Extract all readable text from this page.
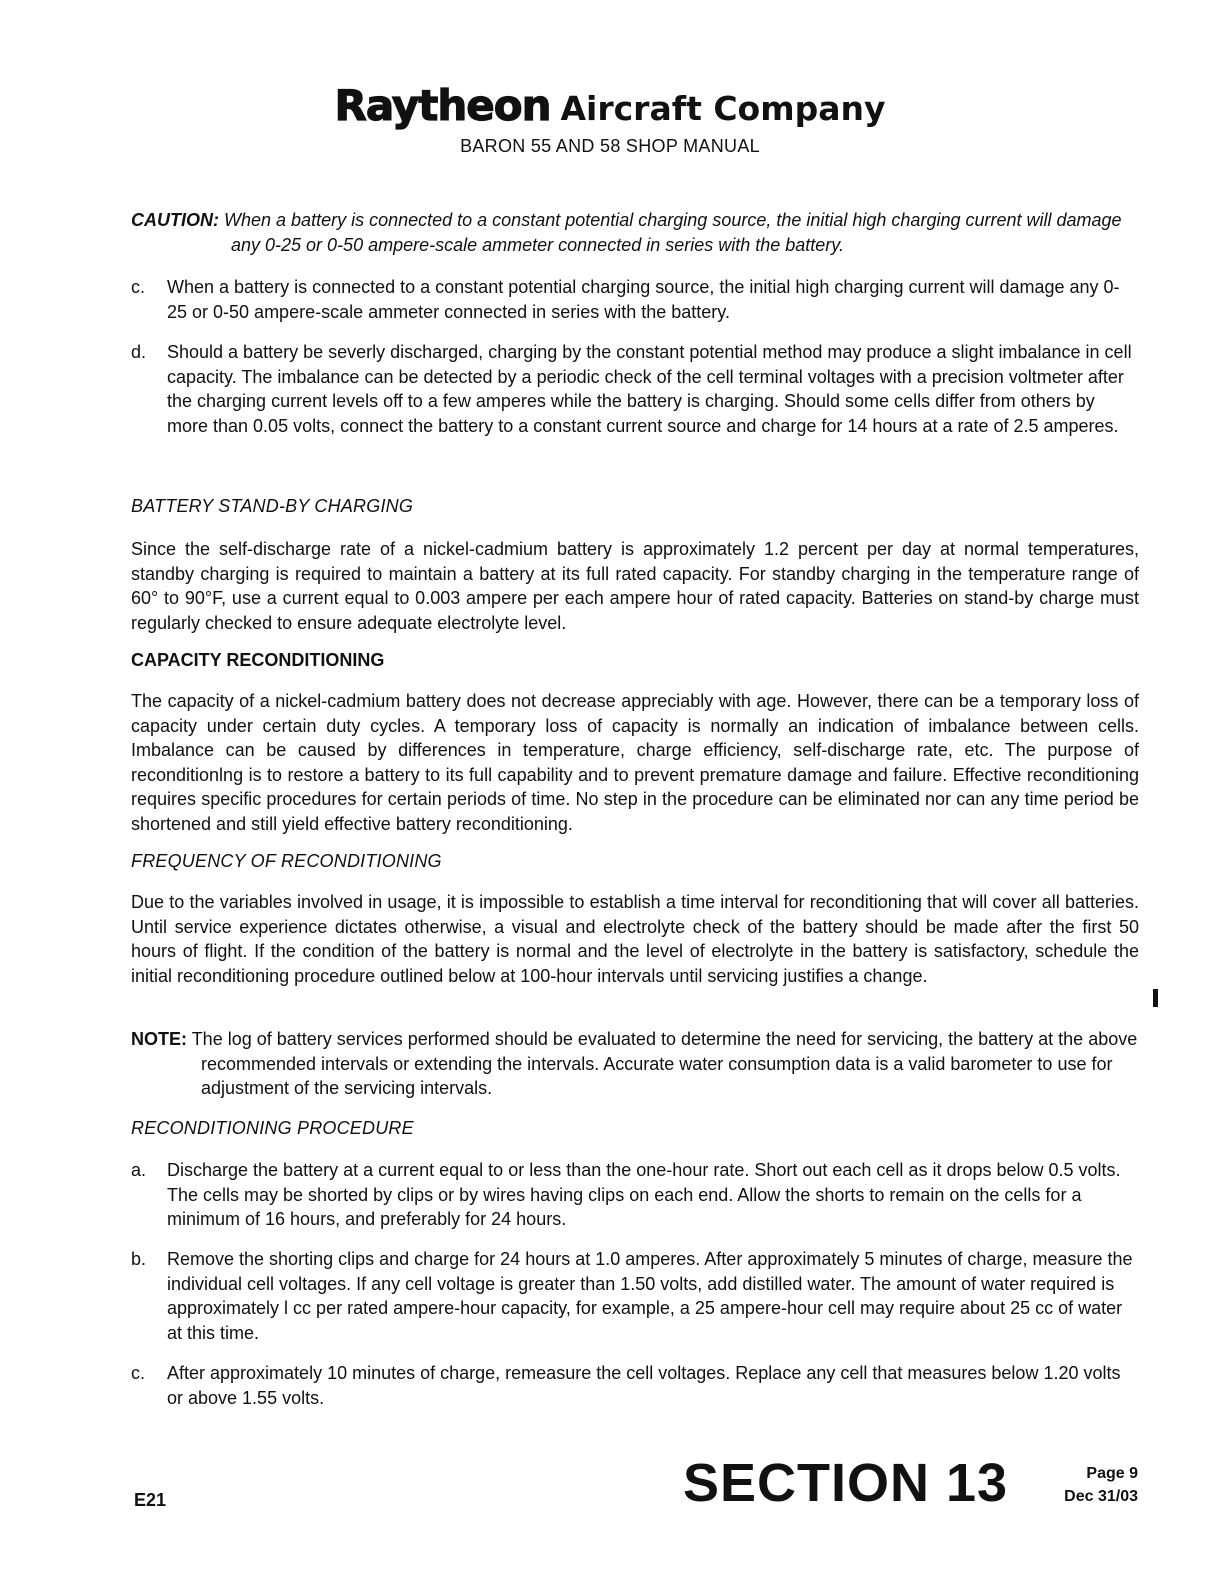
Raytheon Aircraft Company
BARON 55 AND 58 SHOP MANUAL
CAUTION: When a battery is connected to a constant potential charging source, the initial high charging current will damage any 0-25 or 0-50 ampere-scale ammeter connected in series with the battery.
c. When a battery is connected to a constant potential charging source, the initial high charging current will damage any 0-25 or 0-50 ampere-scale ammeter connected in series with the battery.
d. Should a battery be severly discharged, charging by the constant potential method may produce a slight imbalance in cell capacity. The imbalance can be detected by a periodic check of the cell terminal voltages with a precision voltmeter after the charging current levels off to a few amperes while the battery is charging. Should some cells differ from others by more than 0.05 volts, connect the battery to a constant current source and charge for 14 hours at a rate of 2.5 amperes.
BATTERY STAND-BY CHARGING

Since the self-discharge rate of a nickel-cadmium battery is approximately 1.2 percent per day at normal temperatures, standby charging is required to maintain a battery at its full rated capacity. For standby charging in the temperature range of 60° to 90°F, use a current equal to 0.003 ampere per each ampere hour of rated capacity. Batteries on stand-by charge must regularly checked to ensure adequate electrolyte level.

CAPACITY RECONDITIONING

The capacity of a nickel-cadmium battery does not decrease appreciably with age. However, there can be a temporary loss of capacity under certain duty cycles. A temporary loss of capacity is normally an indication of imbalance between cells. Imbalance can be caused by differences in temperature, charge efficiency, self-discharge rate, etc. The purpose of reconditionlng is to restore a battery to its full capability and to prevent premature damage and failure. Effective reconditioning requires specific procedures for certain periods of time. No step in the procedure can be eliminated nor can any time period be shortened and still yield effective battery reconditioning.

FREQUENCY OF RECONDITIONING

Due to the variables involved in usage, it is impossible to establish a time interval for reconditioning that will cover all batteries. Until service experience dictates otherwise, a visual and electrolyte check of the battery should be made after the first 50 hours of flight. If the condition of the battery is normal and the level of electrolyte in the battery is satisfactory, schedule the initial reconditioning procedure outlined below at 100-hour intervals until servicing justifies a change.

NOTE: The log of battery services performed should be evaluated to determine the need for servicing, the battery at the above recommended intervals or extending the intervals. Accurate water consumption data is a valid barometer to use for adjustment of the servicing intervals.
RECONDITIONING PROCEDURE
a. Discharge the battery at a current equal to or less than the one-hour rate. Short out each cell as it drops below 0.5 volts. The cells may be shorted by clips or by wires having clips on each end. Allow the shorts to remain on the cells for a minimum of 16 hours, and preferably for 24 hours.
b. Remove the shorting clips and charge for 24 hours at 1.0 amperes. After approximately 5 minutes of charge, measure the individual cell voltages. If any cell voltage is greater than 1.50 volts, add distilled water. The amount of water required is approximately l cc per rated ampere-hour capacity, for example, a 25 ampere-hour cell may require about 25 cc of water at this time.
c. After approximately 10 minutes of charge, remeasure the cell voltages. Replace any cell that measures below 1.20 volts or above 1.55 volts.
E21	SECTION 13	Page 9
Dec 31/03
